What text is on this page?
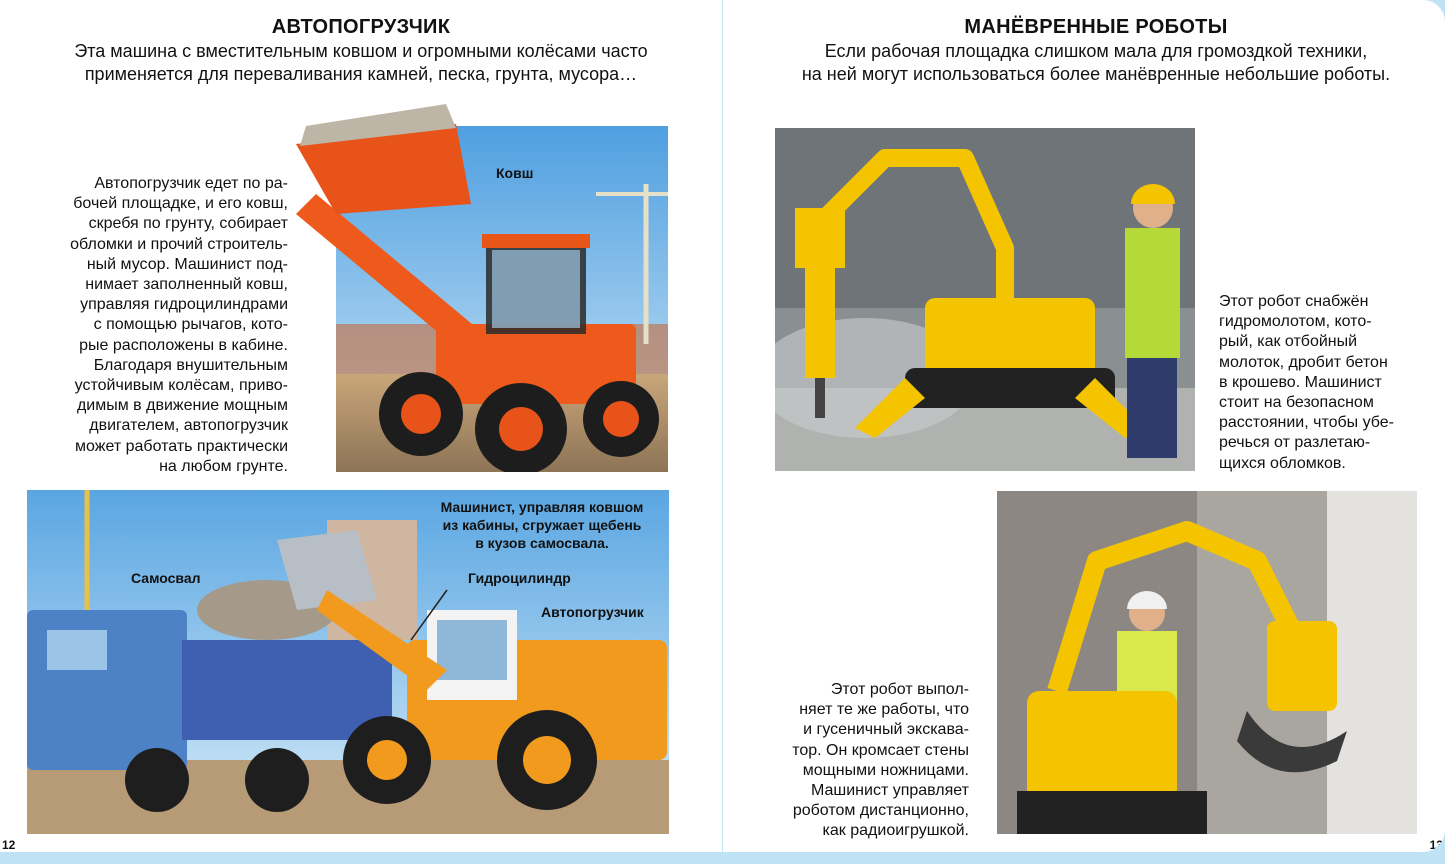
АВТОПОГРУЗЧИК
Эта машина с вместительным ковшом и огромными колёсами часто
применяется для переваливания камней, песка, грунта, мусора…
Автопогрузчик едет по ра-
бочей площадке, и его ковш,
скребя по грунту, собирает
обломки и прочий строитель-
ный мусор. Машинист под-
нимает заполненный ковш,
управляя гидроцилиндрами
с помощью рычагов, кото-
рые расположены в кабине.
Благодаря внушительным
устойчивым колёсам, приво-
димым в движение мощным
двигателем, автопогрузчик
может работать практически
на любом грунте.
Ковш
Машинист, управляя ковшом
из кабины, сгружает щебень
в кузов самосвала.
Самосвал	Гидроцилиндр
Автопогрузчик
12
МАНЁВРЕННЫЕ РОБОТЫ
Если рабочая площадка слишком мала для громоздкой техники,
на ней могут использоваться более манёвренные небольшие роботы.
Этот робот снабжён
гидромолотом, кото-
рый, как отбойный
молоток, дробит бетон
в крошево. Машинист
стоит на безопасном
расстоянии, чтобы убе-
речься от разлетаю-
щихся обломков.
Этот робот выпол-
няет те же работы, что
и гусеничный экскава-
тор. Он кромсает стены
мощными ножницами.
Машинист управляет
роботом дистанционно,
как радиоигрушкой.
13
